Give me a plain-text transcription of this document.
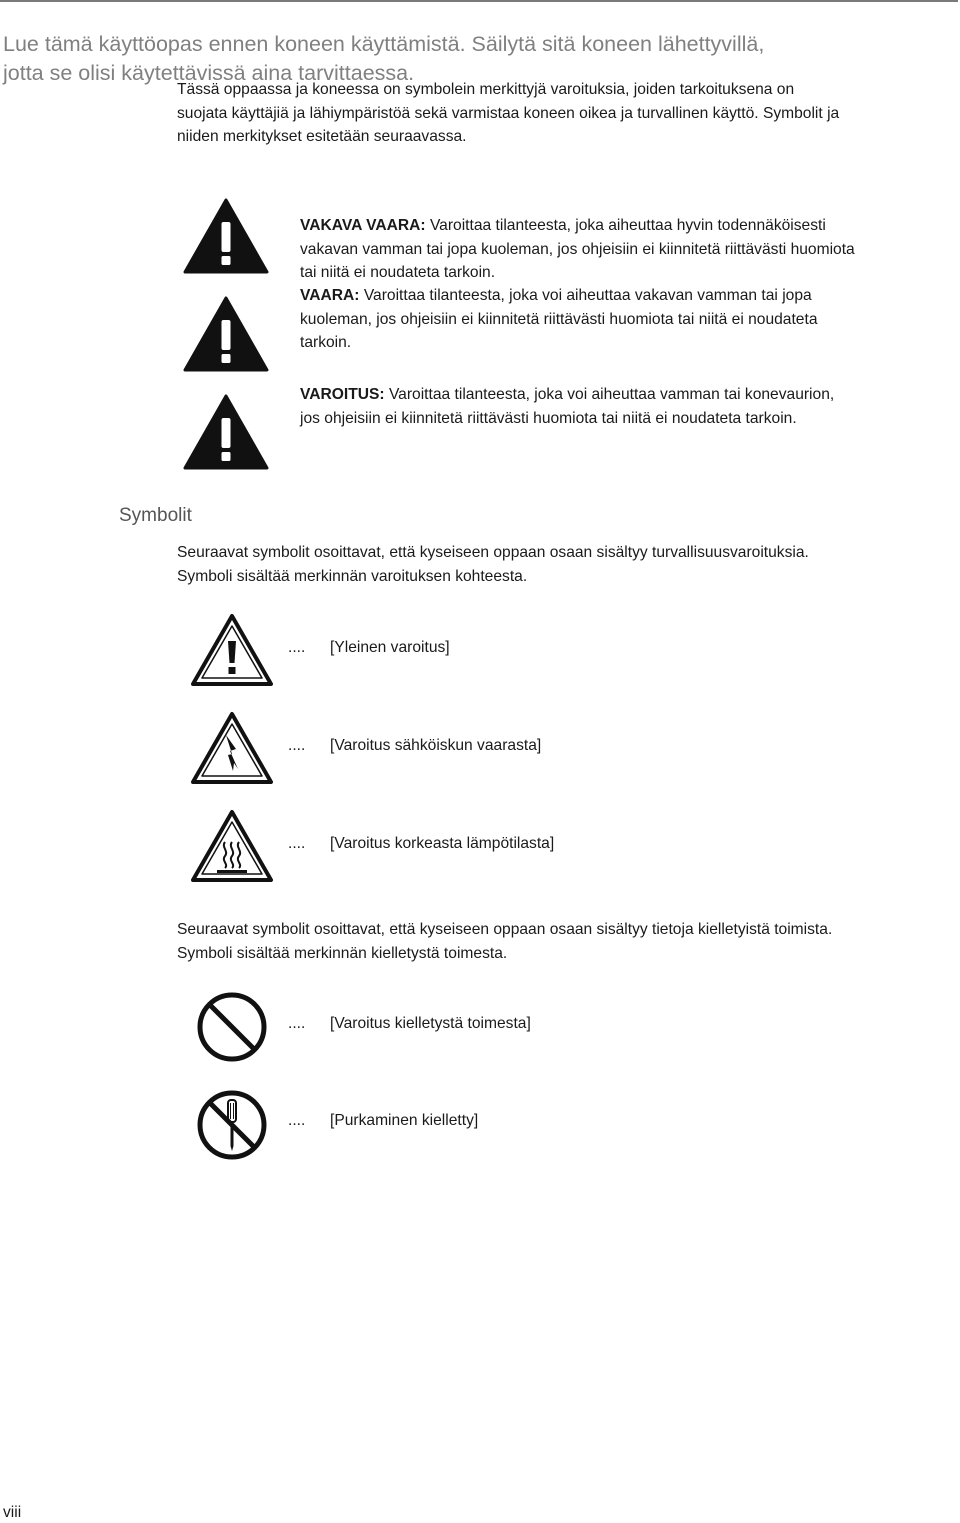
Lue tämä käyttöopas ennen koneen käyttämistä. Säilytä sitä koneen lähettyvillä,
jotta se olisi käytettävissä aina tarvittaessa.
Tässä oppaassa ja koneessa on symbolein merkittyjä varoituksia, joiden tarkoituksena on
suojata käyttäjiä ja lähiympäristöä sekä varmistaa koneen oikea ja turvallinen käyttö. Symbolit ja
niiden merkitykset esitetään seuraavassa.
VAKAVA VAARA: Varoittaa tilanteesta, joka aiheuttaa hyvin todennäköisesti
vakavan vamman tai jopa kuoleman, jos ohjeisiin ei kiinnitetä riittävästi huomiota
tai niitä ei noudateta tarkoin.
VAARA: Varoittaa tilanteesta, joka voi aiheuttaa vakavan vamman tai jopa
kuoleman, jos ohjeisiin ei kiinnitetä riittävästi huomiota tai niitä ei noudateta
tarkoin.
VAROITUS: Varoittaa tilanteesta, joka voi aiheuttaa vamman tai konevaurion,
jos ohjeisiin ei kiinnitetä riittävästi huomiota tai niitä ei noudateta tarkoin.
Symbolit
Seuraavat symbolit osoittavat, että kyseiseen oppaan osaan sisältyy turvallisuusvaroituksia.
Symboli sisältää merkinnän varoituksen kohteesta.
.... [Yleinen varoitus]
.... [Varoitus sähköiskun vaarasta]
.... [Varoitus korkeasta lämpötilasta]
Seuraavat symbolit osoittavat, että kyseiseen oppaan osaan sisältyy tietoja kielletyistä toimista.
Symboli sisältää merkinnän kielletystä toimesta.
.... [Varoitus kielletystä toimesta]
.... [Purkaminen kielletty]
viii
